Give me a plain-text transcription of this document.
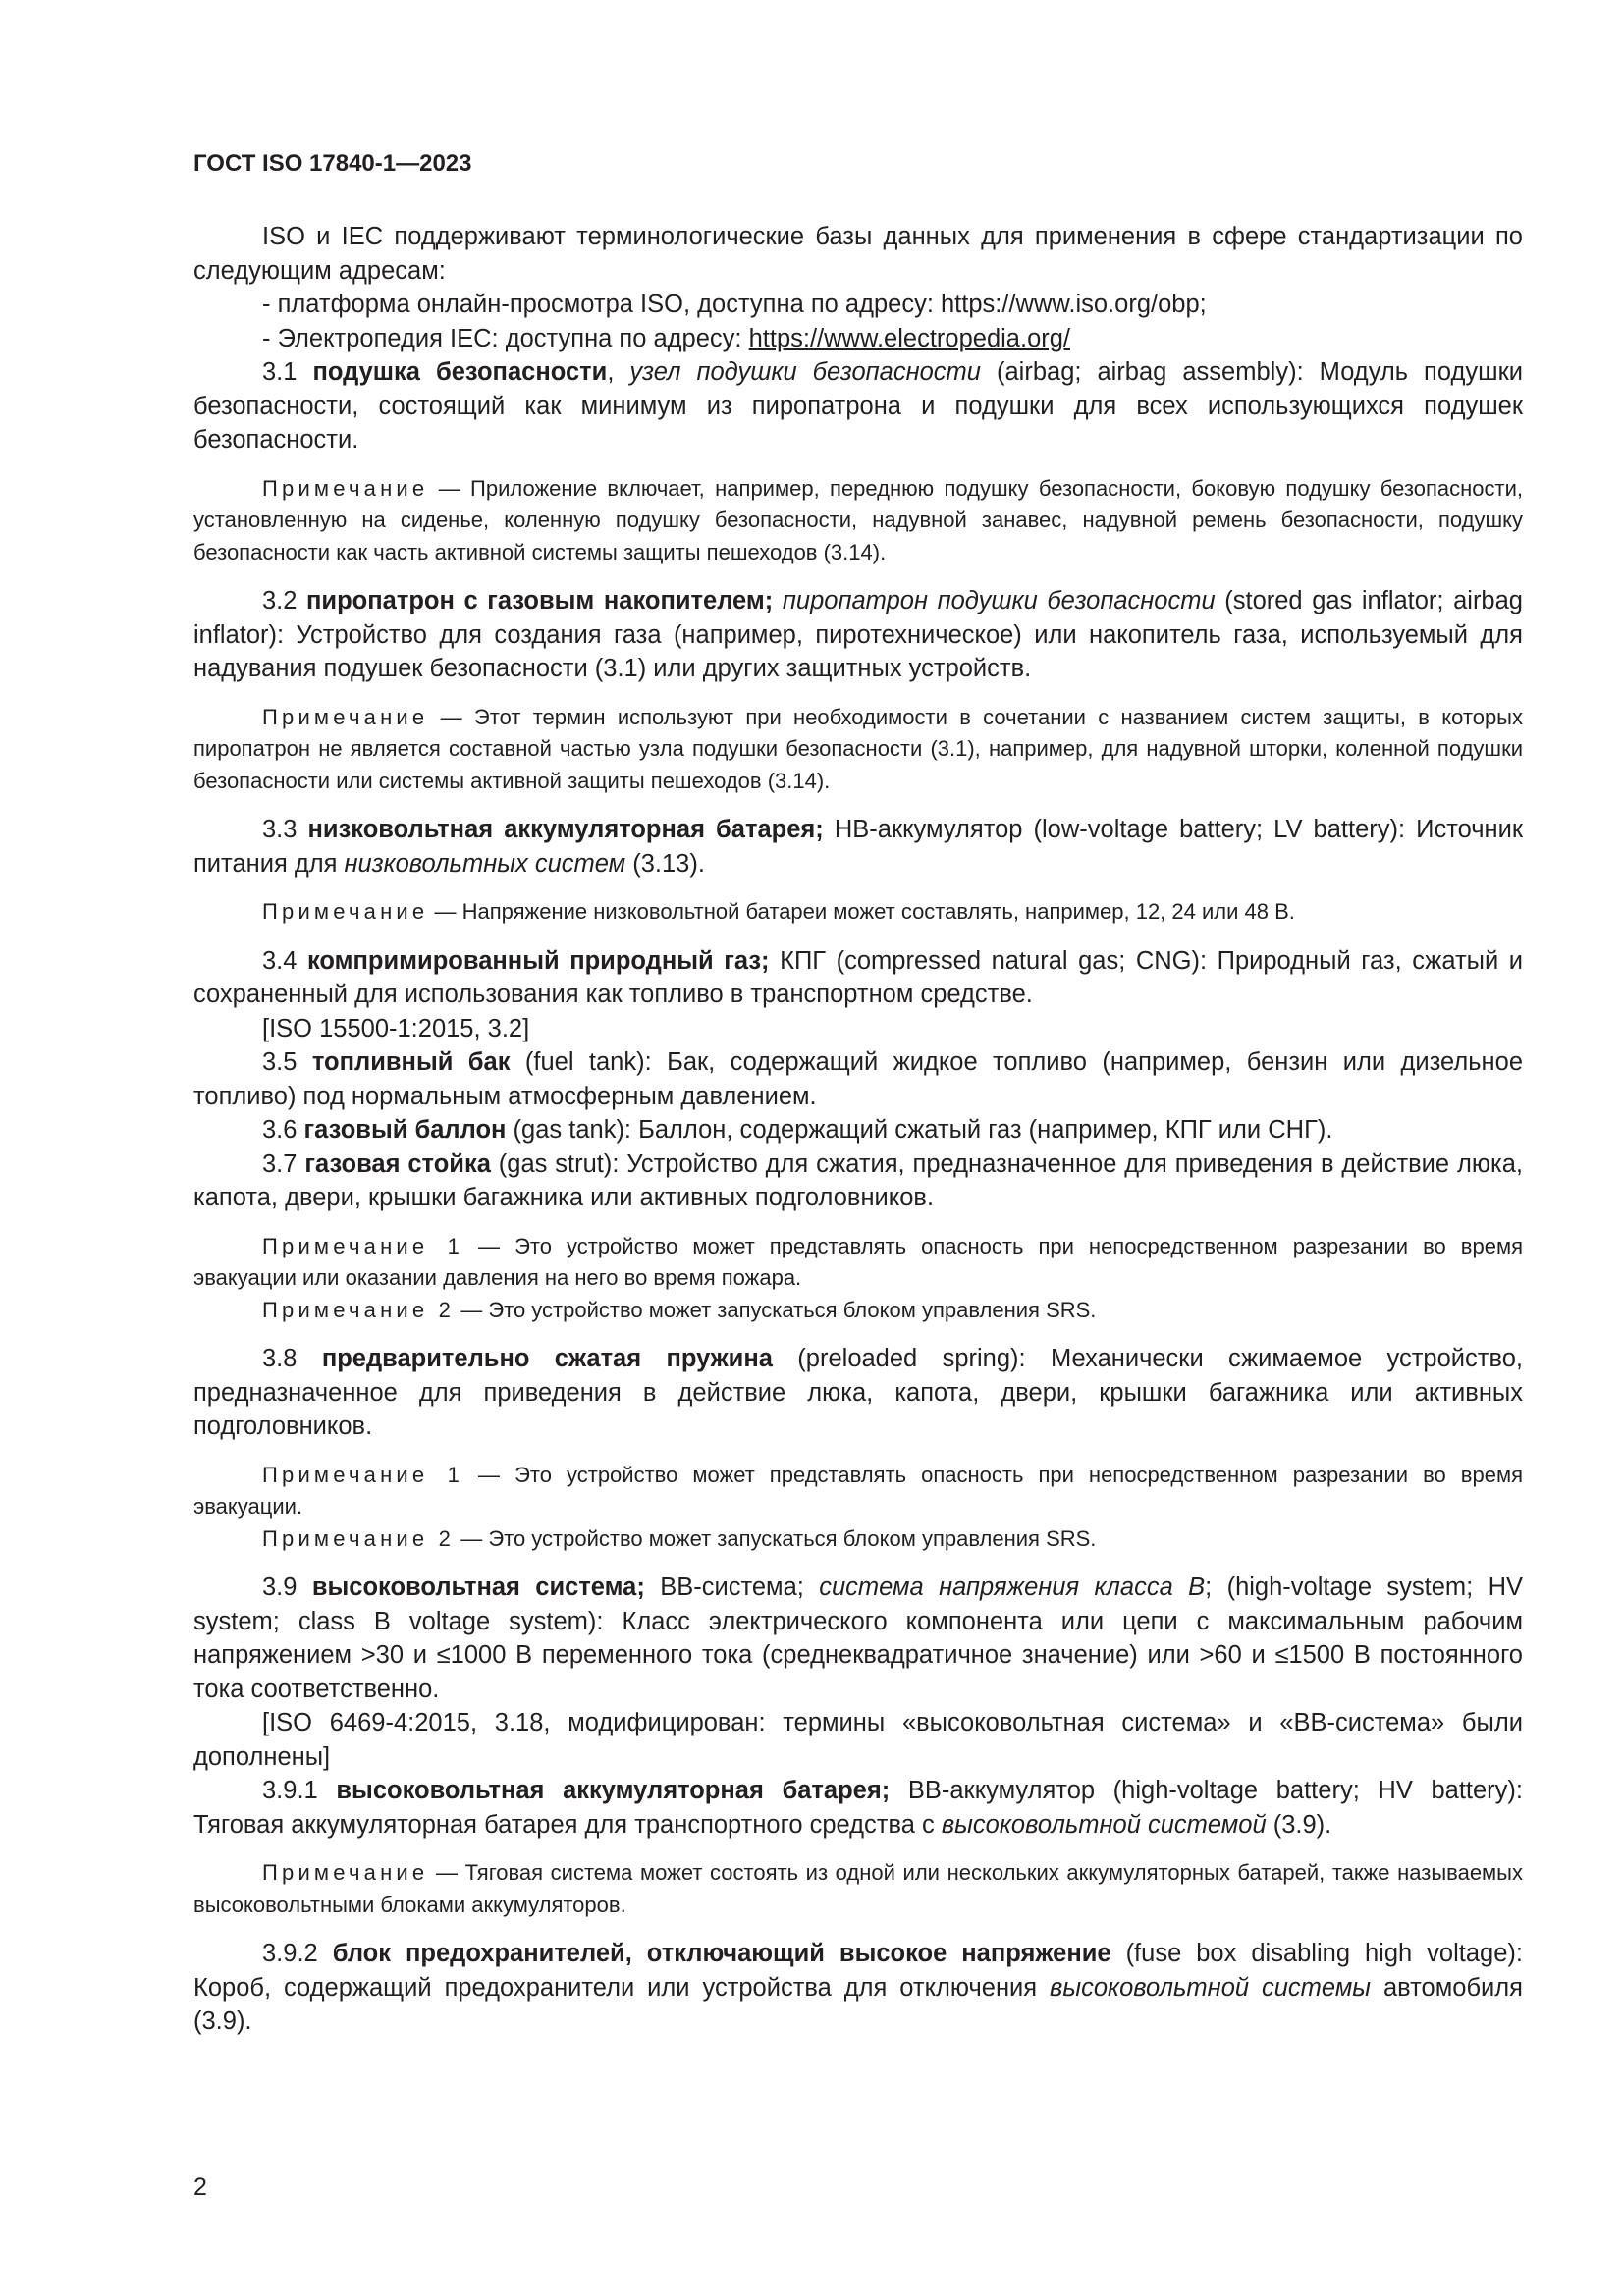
ГОСТ ISO 17840-1—2023

ISO и IEC поддерживают терминологические базы данных для применения в сфере стандартизации по следующим адресам:

- платформа онлайн-просмотра ISO, доступна по адресу: https://www.iso.org/obp;

- Электропедия IEC: доступна по адресу: https://www.electropedia.org/

3.1 подушка безопасности, узел подушки безопасности (airbag; airbag assembly): Модуль подушки безопасности, состоящий как минимум из пиропатрона и подушки для всех использующихся подушек безопасности.

Примечание — Приложение включает, например, переднюю подушку безопасности, боковую подушку безопасности, установленную на сиденье, коленную подушку безопасности, надувной занавес, надувной ремень безопасности, подушку безопасности как часть активной системы защиты пешеходов (3.14).

3.2 пиропатрон с газовым накопителем; пиропатрон подушки безопасности (stored gas inflator; airbag inflator): Устройство для создания газа (например, пиротехническое) или накопитель газа, используемый для надувания подушек безопасности (3.1) или других защитных устройств.

Примечание — Этот термин используют при необходимости в сочетании с названием систем защиты, в которых пиропатрон не является составной частью узла подушки безопасности (3.1), например, для надувной шторки, коленной подушки безопасности или системы активной защиты пешеходов (3.14).

3.3 низковольтная аккумуляторная батарея; НВ-аккумулятор (low-voltage battery; LV battery): Источник питания для низковольтных систем (3.13).

Примечание — Напряжение низковольтной батареи может составлять, например, 12, 24 или 48 В.

3.4 компримированный природный газ; КПГ (compressed natural gas; CNG): Природный газ, сжатый и сохраненный для использования как топливо в транспортном средстве.

[ISO 15500-1:2015, 3.2]

3.5 топливный бак (fuel tank): Бак, содержащий жидкое топливо (например, бензин или дизельное топливо) под нормальным атмосферным давлением.

3.6 газовый баллон (gas tank): Баллон, содержащий сжатый газ (например, КПГ или СНГ).

3.7 газовая стойка (gas strut): Устройство для сжатия, предназначенное для приведения в действие люка, капота, двери, крышки багажника или активных подголовников.

Примечание 1 — Это устройство может представлять опасность при непосредственном разрезании во время эвакуации или оказании давления на него во время пожара.

Примечание 2 — Это устройство может запускаться блоком управления SRS.

3.8 предварительно сжатая пружина (preloaded spring): Механически сжимаемое устройство, предназначенное для приведения в действие люка, капота, двери, крышки багажника или активных подголовников.

Примечание 1 — Это устройство может представлять опасность при непосредственном разрезании во время эвакуации.

Примечание 2 — Это устройство может запускаться блоком управления SRS.

3.9 высоковольтная система; ВВ-система; система напряжения класса В; (high-voltage system; HV system; class B voltage system): Класс электрического компонента или цепи с максимальным рабочим напряжением >30 и ≤1000 В переменного тока (среднеквадратичное значение) или >60 и ≤1500 В постоянного тока соответственно.

[ISO 6469-4:2015, 3.18, модифицирован: термины «высоковольтная система» и «ВВ-система» были дополнены]

3.9.1 высоковольтная аккумуляторная батарея; ВВ-аккумулятор (high-voltage battery; HV battery): Тяговая аккумуляторная батарея для транспортного средства с высоковольтной системой (3.9).

Примечание — Тяговая система может состоять из одной или нескольких аккумуляторных батарей, также называемых высоковольтными блоками аккумуляторов.

3.9.2 блок предохранителей, отключающий высокое напряжение (fuse box disabling high voltage): Короб, содержащий предохранители или устройства для отключения высоковольтной системы автомобиля (3.9).

2
